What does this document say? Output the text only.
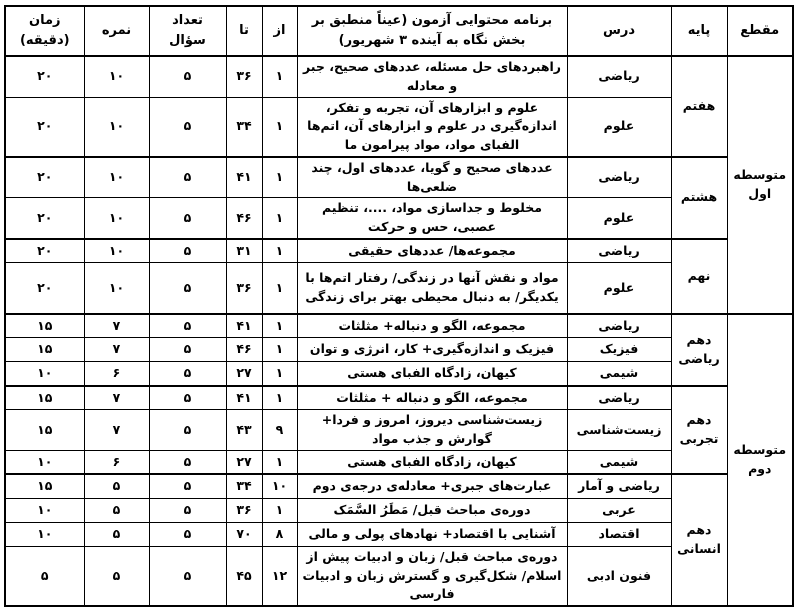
مقطع	پایه	درس	برنامه محتوایی آزمون (عیناً منطبق بر بخش نگاه به آینده ۳ شهریور)	از	تا	تعداد سؤال	نمره	زمان (دقیقه)
متوسطه اول	هفتم	ریاضی	راهبردهای حل مسئله، عددهای صحیح، جبر و معادله	۱	۳۶	۵	۱۰	۲۰
		علوم	علوم و ابزارهای آن، تجربه و تفکر، اندازه‌گیری در علوم و ابزارهای آن، اتم‌ها الفبای مواد، مواد پیرامون ما	۱	۳۴	۵	۱۰	۲۰
	هشتم	ریاضی	عددهای صحیح و گویا، عددهای اول، چند ضلعی‌ها	۱	۴۱	۵	۱۰	۲۰
		علوم	مخلوط و جداسازی مواد، ....، تنظیم عصبی، حس و حرکت	۱	۴۶	۵	۱۰	۲۰
	نهم	ریاضی	مجموعه‌ها/ عددهای حقیقی	۱	۳۱	۵	۱۰	۲۰
		علوم	مواد و نقش آنها در زندگی/ رفتار اتم‌ها با یکدیگر/ به دنبال محیطی بهتر برای زندگی	۱	۳۶	۵	۱۰	۲۰
متوسطه دوم	دهم ریاضی	ریاضی	مجموعه، الگو و دنباله+ مثلثات	۱	۴۱	۵	۷	۱۵
		فیزیک	فیزیک و اندازه‌گیری+ کار، انرژی و توان	۱	۴۶	۵	۷	۱۵
		شیمی	کیهان، زادگاه الفبای هستی	۱	۲۷	۵	۶	۱۰
	دهم تجربی	ریاضی	مجموعه، الگو و دنباله + مثلثات	۱	۴۱	۵	۷	۱۵
		زیست‌شناسی	زیست‌شناسی دیروز، امروز و فردا+ گوارش و جذب مواد	۹	۴۳	۵	۷	۱۵
		شیمی	کیهان، زادگاه الفبای هستی	۱	۲۷	۵	۶	۱۰
	دهم انسانی	ریاضی و آمار	عبارت‌های جبری+ معادله‌ی درجه‌ی دوم	۱۰	۳۴	۵	۵	۱۵
		عربی	دوره‌ی مباحث قبل/ مَطَرُ السَّمَک	۱	۳۶	۵	۵	۱۰
		اقتصاد	آشنایی با اقتصاد+ نهادهای پولی و مالی	۸	۷۰	۵	۵	۱۰
		فنون ادبی	دوره‌ی مباحث قبل/ زبان و ادبیات پیش از اسلام/ شکل‌گیری و گسترش زبان و ادبیات فارسی	۱۲	۴۵	۵	۵	۵
